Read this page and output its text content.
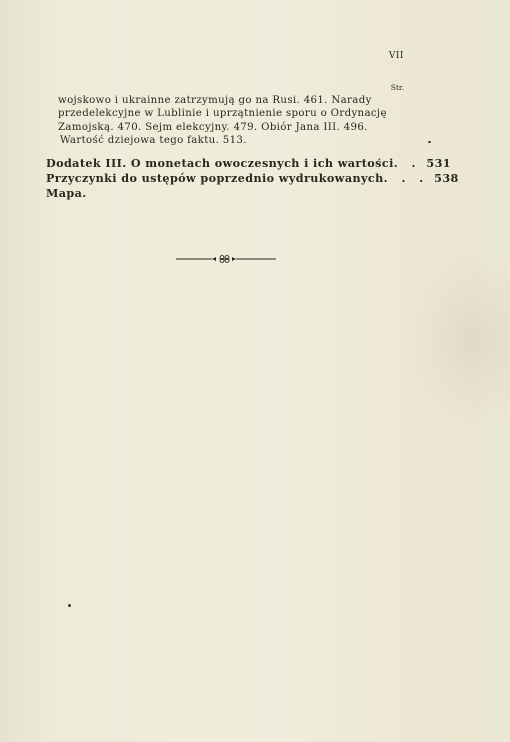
VII
Str.
wojskowo i ukrainne zatrzymują go na Rusi. 461. Narady
przedelekcyjne w Lublinie i uprzątnienie sporu o Ordynację
Zamojską. 470. Sejm elekcyjny. 479. Obiór Jana III. 496.
Wartość dziejowa tego faktu. 513.
Dodatek III. O monetach owoczesnych i ich wartości . . 531
Przyczynki do ustępów poprzednio wydrukowanych . . . 538
Mapa.
